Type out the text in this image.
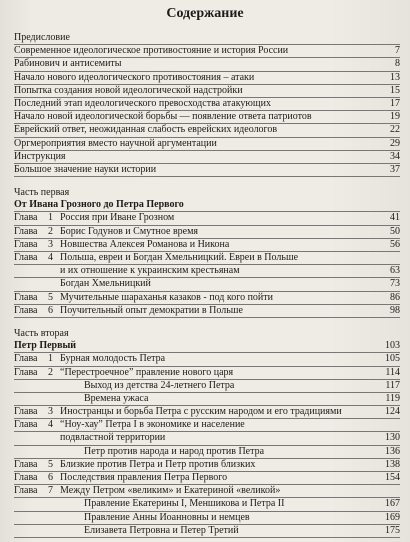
Содержание
Предисловие
Современное идеологическое противостояние и история России	7
Рабинович и антисемиты	8
Начало нового идеологического противостояния – атаки	13
Попытка создания новой идеологической надстройки	15
Последний этап идеологического превосходства атакующих	17
Начало новой идеологической борьбы — появление ответа патриотов	19
Еврейский ответ, неожиданная слабость еврейских идеологов	22
Оргмероприятия вместо научной аргументации	29
Инструкция	34
Большое значение науки истории	37
Часть первая
От Ивана Грозного до Петра Первого
Глава 1 Россия при Иване Грозном	41
Глава 2 Борис Годунов и Смутное время	50
Глава 3 Новшества Алексея Романова и Никона	56
Глава 4 Польша, евреи и Богдан Хмельницкий. Евреи в Польше
и их отношение к украинским крестьянам	63
Богдан Хмельницкий	73
Глава 5 Мучительные шараханья казаков - под кого пойти	86
Глава 6 Поучительный опыт демократии в Польше	98
Часть вторая
Петр Первый	103
Глава 1 Бурная молодость Петра	105
Глава 2 “Перестроечное” правление нового царя	114
Выход из детства 24-летнего Петра	117
Времена ужаса	119
Глава 3 Иностранцы и борьба Петра с русским народом и его традициями	124
Глава 4 “Ноу-хау” Петра I в экономике и население
подвластной территории	130
Петр против народа и народ против Петра	136
Глава 5 Близкие против Петра и Петр против близких	138
Глава 6 Последствия правления Петра Первого	154
Глава 7 Между Петром «великим» и Екатериной «великой»
Правление Екатерины I, Меншикова и Петра II	167
Правление Анны Иоанновны и немцев	169
Елизавета Петровна и Петер Третий	175
